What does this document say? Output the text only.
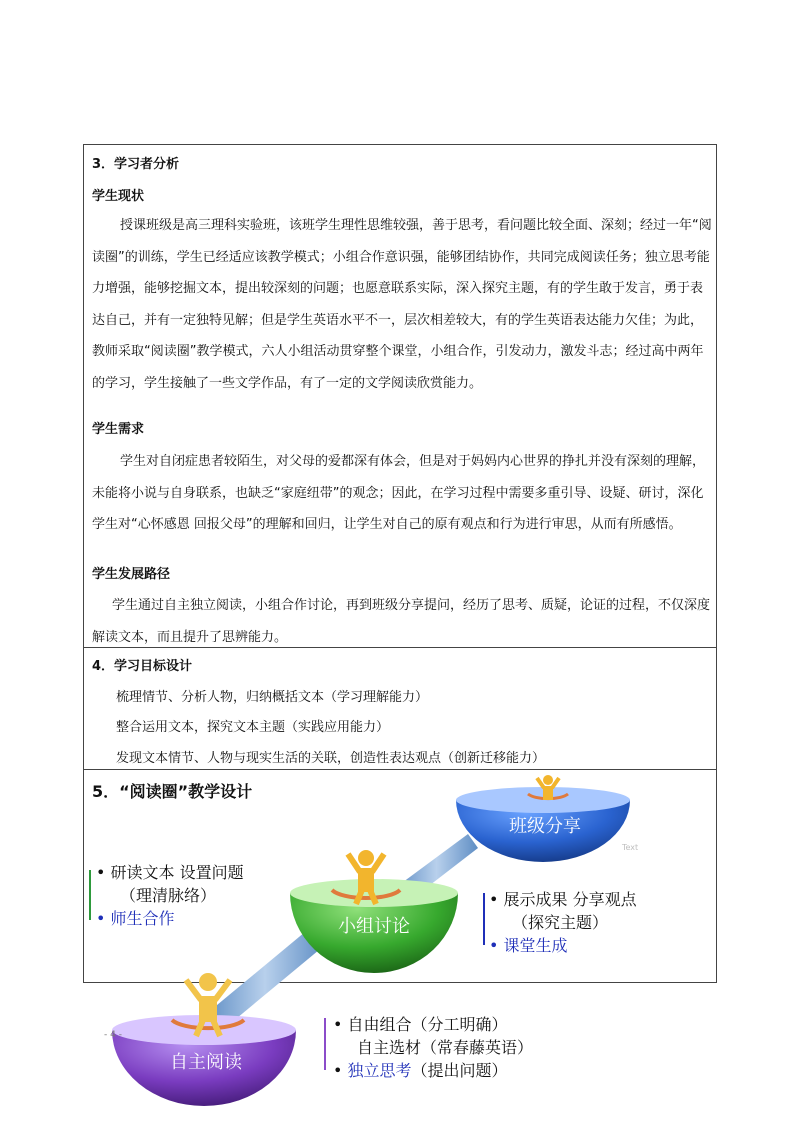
3．学习者分析
学生现状
授课班级是高三理科实验班，该班学生理性思维较强，善于思考，看问题比较全面、深刻；经过一年“阅读圈”的训练，学生已经适应该教学模式；小组合作意识强，能够团结协作，共同完成阅读任务；独立思考能力增强，能够挖掘文本，提出较深刻的问题；也愿意联系实际，深入探究主题，有的学生敢于发言，勇于表达自己，并有一定独特见解；但是学生英语水平不一，层次相差较大，有的学生英语表达能力欠佳；为此，教师采取“阅读圈”教学模式，六人小组活动贯穿整个课堂，小组合作，引发动力，激发斗志；经过高中两年的学习，学生接触了一些文学作品，有了一定的文学阅读欣赏能力。
学生需求
学生对自闭症患者较陌生，对父母的爱都深有体会，但是对于妈妈内心世界的挣扎并没有深刻的理解，未能将小说与自身联系，也缺乏“家庭纽带”的观念；因此，在学习过程中需要多重引导、设疑、研讨，深化学生对“心怀感恩 回报父母”的理解和回归，让学生对自己的原有观点和行为进行审思，从而有所感悟。
学生发展路径
学生通过自主独立阅读，小组合作讨论，再到班级分享提问，经历了思考、质疑，论证的过程，不仅深度解读文本，而且提升了思辨能力。
4．学习目标设计
梳理情节、分析人物，归纳概括文本（学习理解能力）
整合运用文本，探究文本主题（实践应用能力）
发现文本情节、人物与现实生活的关联，创造性表达观点（创新迁移能力）
5．“阅读圈”教学设计
班级分享
小组讨论
自主阅读
Text
• 研读文本 设置问题
（理清脉络）
• 师生合作
• 展示成果 分享观点
（探究主题）
• 课堂生成
• 自由组合（分工明确）
自主选材（常春藤英语）
• 独立思考（提出问题）
- 4 -
